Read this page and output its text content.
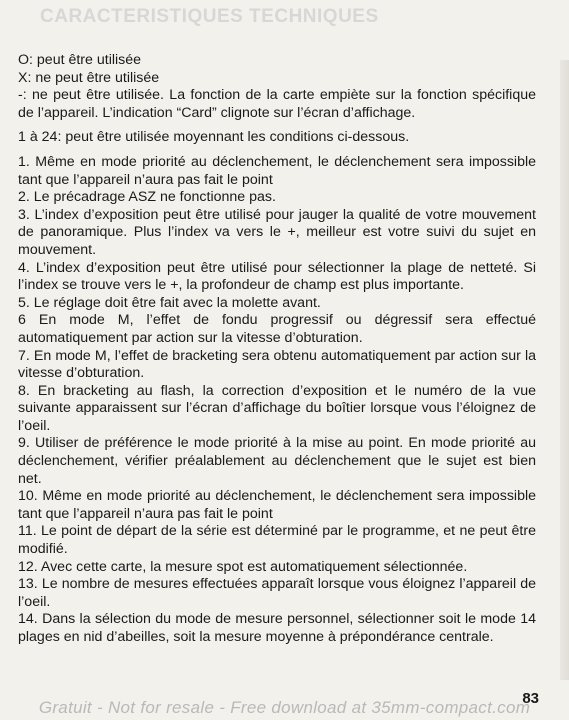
CARACTERISTIQUES TECHNIQUES
O: peut être utilisée
X: ne peut être utilisée
-: ne peut être utilisée. La fonction de la carte empiète sur la fonction spécifique de l’appareil. L’indication “Card” clignote sur l’écran d’affichage.
1 à 24: peut être utilisée moyennant les conditions ci-dessous.
1. Même en mode priorité au déclenchement, le déclenchement sera impossible tant que l’appareil n’aura pas fait le point
2. Le précadrage ASZ ne fonctionne pas.
3. L’index d’exposition peut être utilisé pour jauger la qualité de votre mouvement de panoramique. Plus l’index va vers le +, meilleur est votre suivi du sujet en mouvement.
4. L’index d’exposition peut être utilisé pour sélectionner la plage de netteté. Si l’index se trouve vers le +, la profondeur de champ est plus importante.
5. Le réglage doit être fait avec la molette avant.
6 En mode M, l’effet de fondu progressif ou dégressif sera effectué automatiquement par action sur la vitesse d’obturation.
7. En mode M, l’effet de bracketing sera obtenu automatiquement par action sur la vitesse d’obturation.
8. En bracketing au flash, la correction d’exposition et le numéro de la vue suivante apparaissent sur l’écran d’affichage du boîtier lorsque vous l’éloignez de l’oeil.
9. Utiliser de préférence le mode priorité à la mise au point. En mode priorité au déclenchement, vérifier préalablement au déclenchement que le sujet est bien net.
10. Même en mode priorité au déclenchement, le déclenchement sera impossible tant que l’appareil n’aura pas fait le point
11. Le point de départ de la série est déterminé par le programme, et ne peut être modifié.
12. Avec cette carte, la mesure spot est automatiquement sélectionnée.
13. Le nombre de mesures effectuées apparaît lorsque vous éloignez l’appareil de l’oeil.
14. Dans la sélection du mode de mesure personnel, sélectionner soit le mode 14 plages en nid d’abeilles, soit la mesure moyenne à prépondérance centrale.
83
Gratuit - Not for resale - Free download at 35mm-compact.com
